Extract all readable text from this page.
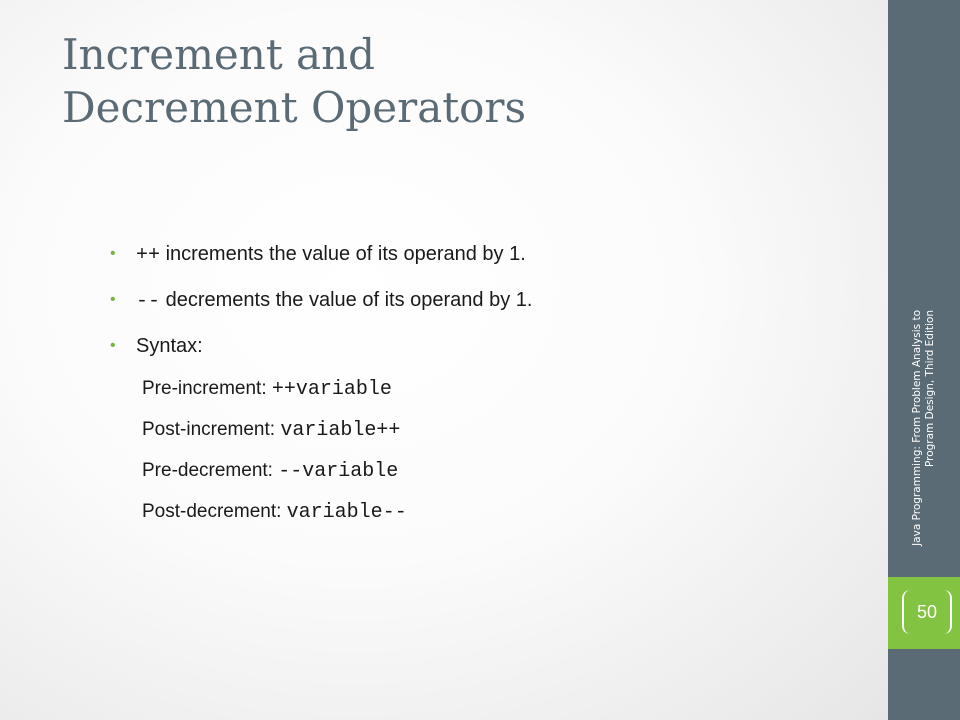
Increment and
Decrement Operators
• ++ increments the value of its operand by 1.
• -- decrements the value of its operand by 1.
• Syntax:
Pre-increment: ++variable
Post-increment: variable++
Pre-decrement: --variable
Post-decrement: variable--	Java Programming: From Problem Analysis to Program Design, Third Edition
50
